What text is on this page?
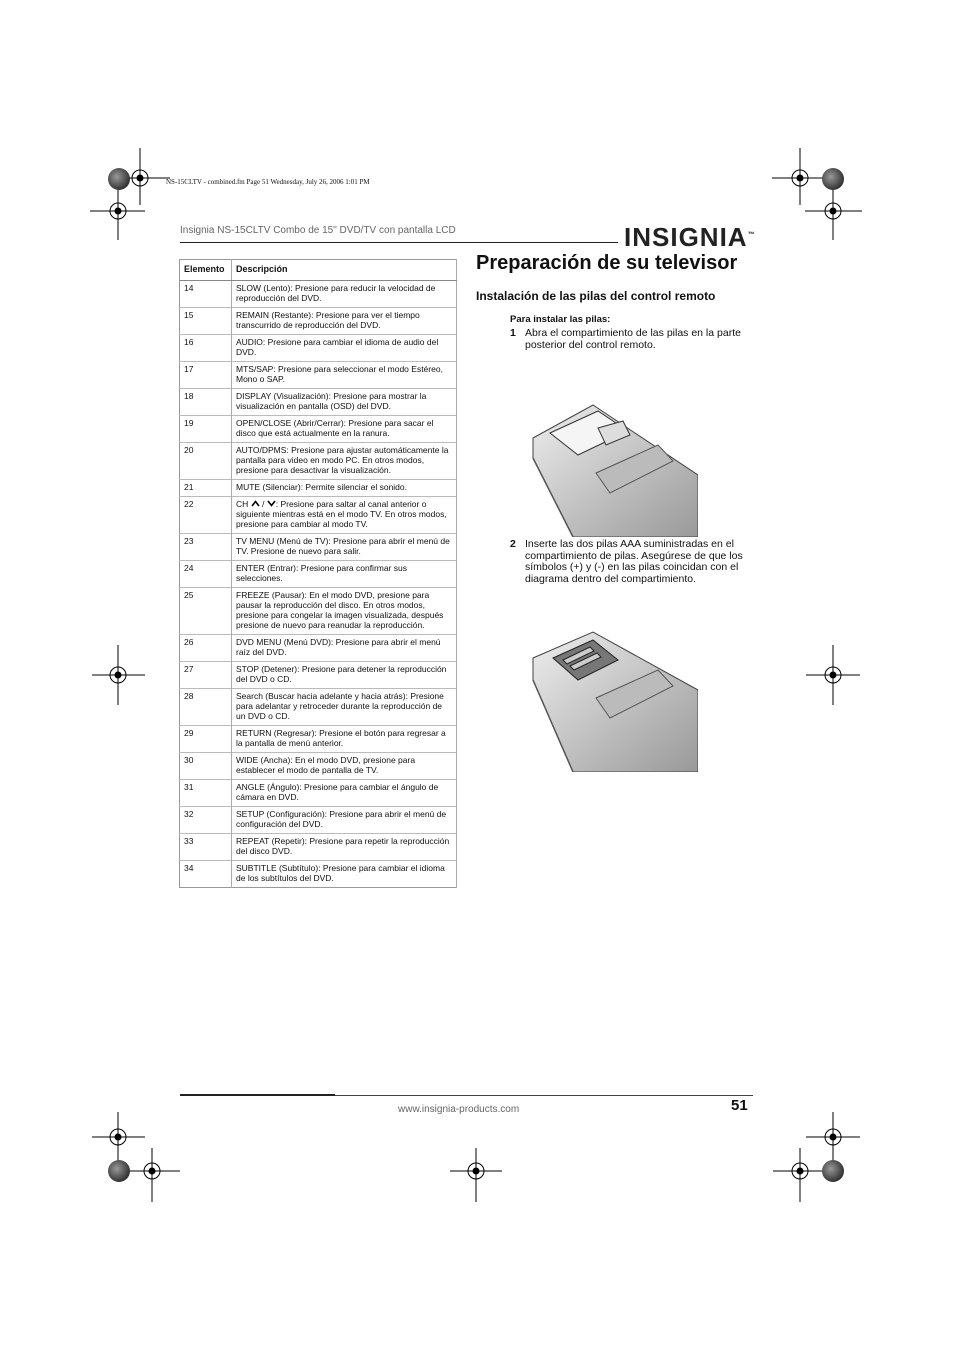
NS-15CLTV - combined.fm Page 51 Wednesday, July 26, 2006 1:01 PM
Insignia NS-15CLTV Combo de 15" DVD/TV con pantalla LCD	INSIGNIA™
Elemento	Descripción
14	SLOW (Lento): Presione para reducir la velocidad de reproducción del DVD.
15	REMAIN (Restante): Presione para ver el tiempo transcurrido de reproducción del DVD.
16	AUDIO: Presione para cambiar el idioma de audio del DVD.
17	MTS/SAP: Presione para seleccionar el modo Estéreo, Mono o SAP.
18	DISPLAY (Visualización): Presione para mostrar la visualización en pantalla (OSD) del DVD.
19	OPEN/CLOSE (Abrir/Cerrar): Presione para sacar el disco que está actualmente en la ranura.
20	AUTO/DPMS: Presione para ajustar automáticamente la pantalla para video en modo PC. En otros modos, presione para desactivar la visualización.
21	MUTE (Silenciar): Permite silenciar el sonido.
22	CH  / : Presione para saltar al canal anterior o siguiente mientras está en el modo TV. En otros modos, presione para cambiar al modo TV.
23	TV MENU (Menú de TV): Presione para abrir el menú de TV. Presione de nuevo para salir.
24	ENTER (Entrar): Presione para confirmar sus selecciones.
25	FREEZE (Pausar): En el modo DVD, presione para pausar la reproducción del disco. En otros modos, presione para congelar la imagen visualizada, después presione de nuevo para reanudar la reproducción.
26	DVD MENU (Menú DVD): Presione para abrir el menú raíz del DVD.
27	STOP (Detener): Presione para detener la reproducción del DVD o CD.
28	Search (Buscar hacia adelante y hacia atrás): Presione para adelantar y retroceder durante la reproducción de un DVD o CD.
29	RETURN (Regresar): Presione el botón para regresar a la pantalla de menú anterior.
30	WIDE (Ancha): En el modo DVD, presione para establecer el modo de pantalla de TV.
31	ANGLE (Ángulo): Presione para cambiar el ángulo de cámara en DVD.
32	SETUP (Configuración): Presione para abrir el menú de configuración del DVD.
33	REPEAT (Repetir): Presione para repetir la reproducción del disco DVD.
34	SUBTITLE (Subtítulo): Presione para cambiar el idioma de los subtítulos del DVD.
Preparación de su televisor
Instalación de las pilas del control remoto
Para instalar las pilas:
1 Abra el compartimiento de las pilas en la parte posterior del control remoto.
2 Inserte las dos pilas AAA suministradas en el compartimiento de pilas. Asegúrese de que los símbolos (+) y (-) en las pilas coincidan con el diagrama dentro del compartimiento.
www.insignia-products.com	51
